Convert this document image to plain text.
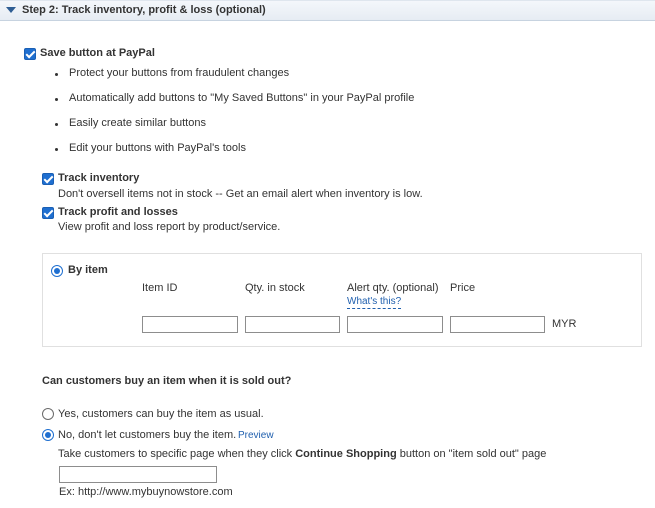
Step 2: Track inventory, profit & loss (optional)
Save button at PayPal
Protect your buttons from fraudulent changes
Automatically add buttons to "My Saved Buttons" in your PayPal profile
Easily create similar buttons
Edit your buttons with PayPal's tools
Track inventory
Don't oversell items not in stock -- Get an email alert when inventory is low.
Track profit and losses
View profit and loss report by product/service.
By item
Item ID	Qty. in stock	Alert qty. (optional) Price
What's this?
MYR
Can customers buy an item when it is sold out?
Yes, customers can buy the item as usual.
No, don't let customers buy the item. Preview
Take customers to specific page when they click Continue Shopping button on "item sold out" page
Ex: http://www.mybuynowstore.com
